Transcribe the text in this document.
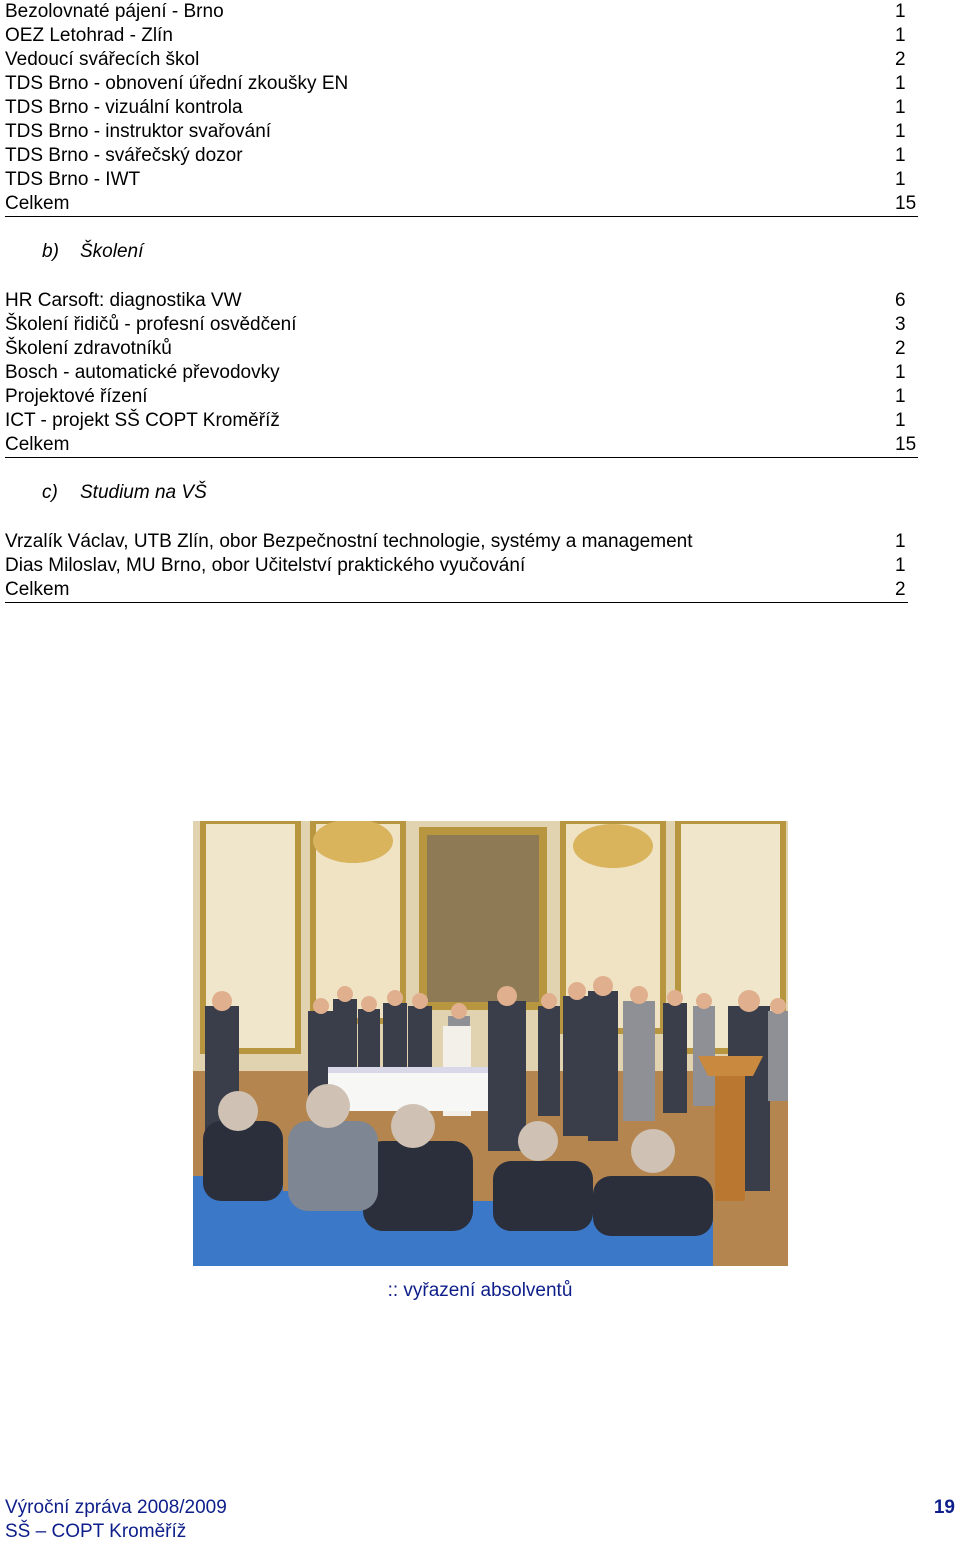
Bezolovnaté pájení - Brno	1
OEZ Letohrad - Zlín	1
Vedoucí svářecích škol	2
TDS Brno - obnovení úřední zkoušky EN	1
TDS Brno - vizuální kontrola	1
TDS Brno - instruktor svařování	1
TDS Brno - svářečský dozor	1
TDS Brno - IWT	1
Celkem	15
b) Školení
HR Carsoft: diagnostika VW	6
Školení řidičů - profesní osvědčení	3
Školení zdravotníků	2
Bosch - automatické převodovky	1
Projektové řízení	1
ICT - projekt SŠ COPT Kroměříž	1
Celkem	15
c) Studium na VŠ
Vrzalík Václav, UTB Zlín, obor Bezpečnostní technologie, systémy a management	1
Dias Miloslav, MU Brno, obor Učitelství praktického vyučování	1
Celkem	2
:: vyřazení absolventů
Výroční zpráva 2008/2009
SŠ – COPT Kroměříž
19
